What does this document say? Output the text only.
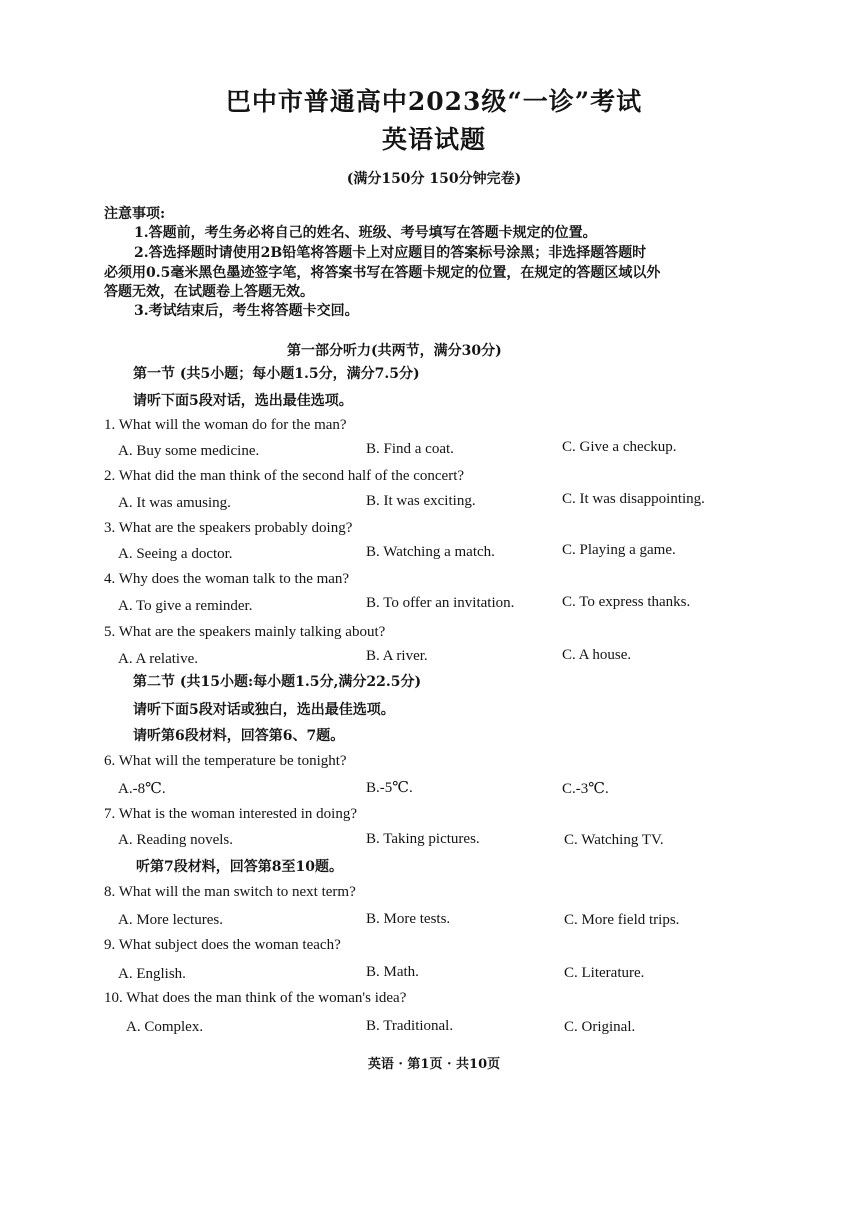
巴中市普通高中2023级“一诊”考试
英语试题
(满分150分 150分钟完卷)
注意事项:
1.答题前，考生务必将自己的姓名、班级、考号填写在答题卡规定的位置。
2.答选择题时请使用2B铅笔将答题卡上对应题目的答案标号涂黑；非选择题答题时
必须用0.5毫米黑色墨迹签字笔，将答案书写在答题卡规定的位置，在规定的答题区域以外
答题无效，在试题卷上答题无效。
3.考试结束后，考生将答题卡交回。
第一部分听力(共两节，满分30分)
第一节 (共5小题；每小题1.5分，满分7.5分)
请听下面5段对话，选出最佳选项。
1. What will the woman do for the man?
A. Buy some medicine.	B. Find a coat.	C. Give a checkup.
2. What did the man think of the second half of the concert?
A. It was amusing.	B. It was exciting.	C. It was disappointing.
3. What are the speakers probably doing?
A. Seeing a doctor.	B. Watching a match.	C. Playing a game.
4. Why does the woman talk to the man?
A. To give a reminder.	B. To offer an invitation.	C. To express thanks.
5. What are the speakers mainly talking about?
A. A relative.	B. A river.	C. A house.
第二节 (共15小题:每小题1.5分,满分22.5分)
请听下面5段对话或独白，选出最佳选项。
请听第6段材料，回答第6、7题。
6. What will the temperature be tonight?
A.-8℃.	B.-5℃.	C.-3℃.
7. What is the woman interested in doing?
A. Reading novels.	B. Taking pictures.	C. Watching TV.
听第7段材料，回答第8至10题。
8. What will the man switch to next term?
A. More lectures.	B. More tests.	C. More field trips.
9. What subject does the woman teach?
A. English.	B. Math.	C. Literature.
10. What does the man think of the woman's idea?
A. Complex.	B. Traditional.	C. Original.
英语 · 第1页 · 共10页
